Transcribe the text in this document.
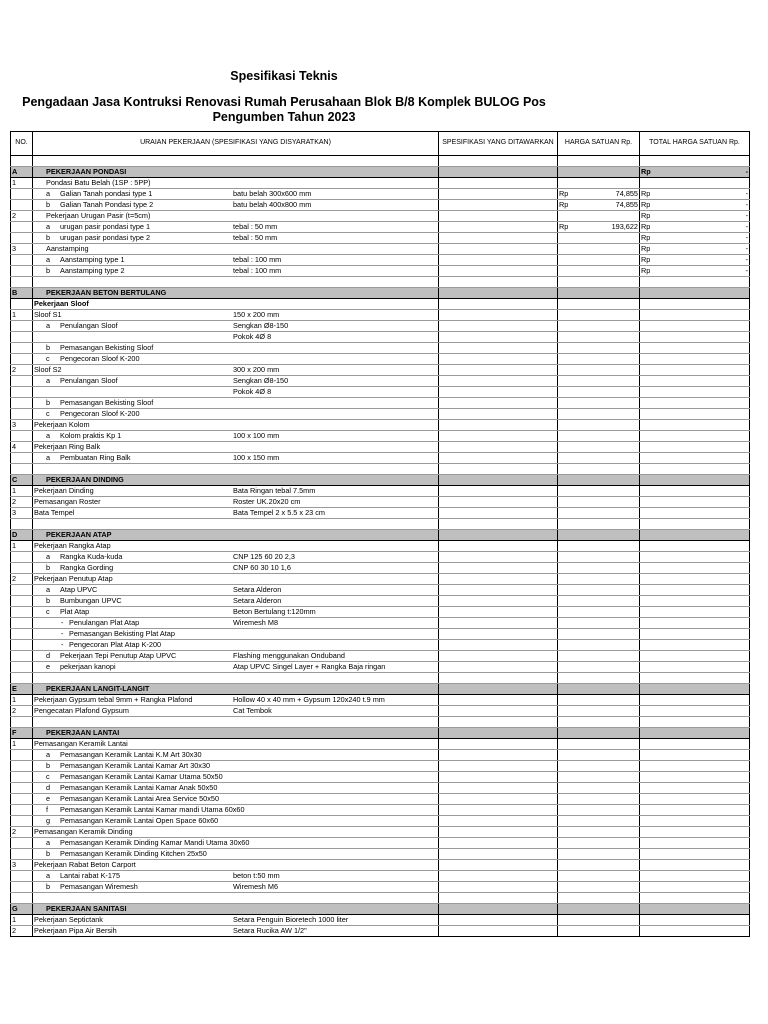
Spesifikasi Teknis
Pengadaan Jasa Kontruksi Renovasi Rumah Perusahaan Blok B/8 Komplek BULOG Pos
Pengumben Tahun 2023
NO.	URAIAN PEKERJAAN (SPESIFIKASI YANG DISYARATKAN)	SPESIFIKASI YANG DITAWARKAN	HARGA SATUAN Rp.	TOTAL HARGA SATUAN Rp.

A	PEKERJAAN PONDASI			Rp -

1	Pondasi Batu Belah (1SP : 5PP)			
	a Galian Tanah pondasi type 1 batu belah 300x600 mm		Rp 74,855	Rp -

	b Galian Tanah Pondasi type 2 batu belah 400x800 mm		Rp 74,855	Rp -

2	Pekerjaan Urugan Pasir (t=5cm)			Rp -

	a urugan pasir pondasi type 1 tebal : 50 mm		Rp 193,622	Rp -

	b urugan pasir pondasi type 2 tebal : 50 mm			Rp -

3	Aanstamping			Rp -

	a Aanstamping type 1 tebal : 100 mm			Rp -

	b Aanstamping type 2 tebal : 100 mm			Rp -

B	PEKERJAAN BETON BERTULANG			
	Pekerjaan Sloof			
1	Sloof S1 150 x 200 mm			

	a Penulangan Sloof Sengkan Ø8-150			

	Pokok 4Ø 8			

	b Pemasangan Bekisting Sloof			
	c Pengecoran Sloof K-200			
2	Sloof S2 300 x 200 mm			

	a Penulangan Sloof Sengkan Ø8-150			

	Pokok 4Ø 8			

	b Pemasangan Bekisting Sloof			
	c Pengecoran Sloof K-200			
3	Pekerjaan Kolom			
	a Kolom praktis Kp 1 100 x 100 mm			

4	Pekerjaan Ring Balk			
	a Pembuatan Ring Balk 100 x 150 mm			

C	PEKERJAAN DINDING			
1	Pekerjaan Dinding Bata Ringan tebal 7.5mm			

2	Pemasangan Roster Roster UK.20x20 cm			

3	Bata Tempel Bata Tempel 2 x 5.5 x 23 cm			

D	PEKERJAAN ATAP			
1	Pekerjaan Rangka Atap			
	a Rangka Kuda-kuda CNP 125 60 20 2,3			

	b Rangka Gording CNP 60 30 10 1,6			

2	Pekerjaan Penutup Atap			
	a Atap UPVC Setara Alderon			

	b Bumbungan UPVC Setara Alderon			

	c Plat Atap Beton Bertulang t:120mm			

	- Penulangan Plat Atap Wiremesh M8			

	- Pemasangan Bekisting Plat Atap			
	- Pengecoran Plat Atap K-200			
	d Pekerjaan Tepi Penutup Atap UPVC Flashing menggunakan Onduband			

	e pekerjaan kanopi Atap UPVC Singel Layer + Rangka Baja ringan			

E	PEKERJAAN LANGIT-LANGIT			
1	Pekerjaan Gypsum tebal 9mm + Rangka Plafond Hollow 40 x 40 mm + Gypsum 120x240 t.9 mm			

2	Pengecatan Plafond Gypsum Cat Tembok			

F	PEKERJAAN LANTAI			
1	Pemasangan Keramik Lantai			
	a Pemasangan Keramik Lantai K.M Art 30x30			
	b Pemasangan Keramik Lantai Kamar Art 30x30			
	c Pemasangan Keramik Lantai Kamar Utama 50x50			
	d Pemasangan Keramik Lantai Kamar Anak 50x50			
	e Pemasangan Keramik Lantai Area Service 50x50			
	f Pemasangan Keramik Lantai Kamar mandi Utama 60x60			
	g Pemasangan Keramik Lantai Open Space 60x60			
2	Pemasangan Keramik Dinding			
	a Pemasangan Keramik Dinding Kamar Mandi Utama 30x60			
	b Pemasangan Keramik Dinding Kitchen 25x50			
3	Pekerjaan Rabat Beton Carport			
	a Lantai rabat K-175 beton t:50 mm			

	b Pemasangan Wiremesh Wiremesh M6			

G	PEKERJAAN SANITASI			
1	Pekerjaan Septictank Setara Penguin Bioretech 1000 liter			

2	Pekerjaan Pipa Air Bersih Setara Rucika AW 1/2"			
